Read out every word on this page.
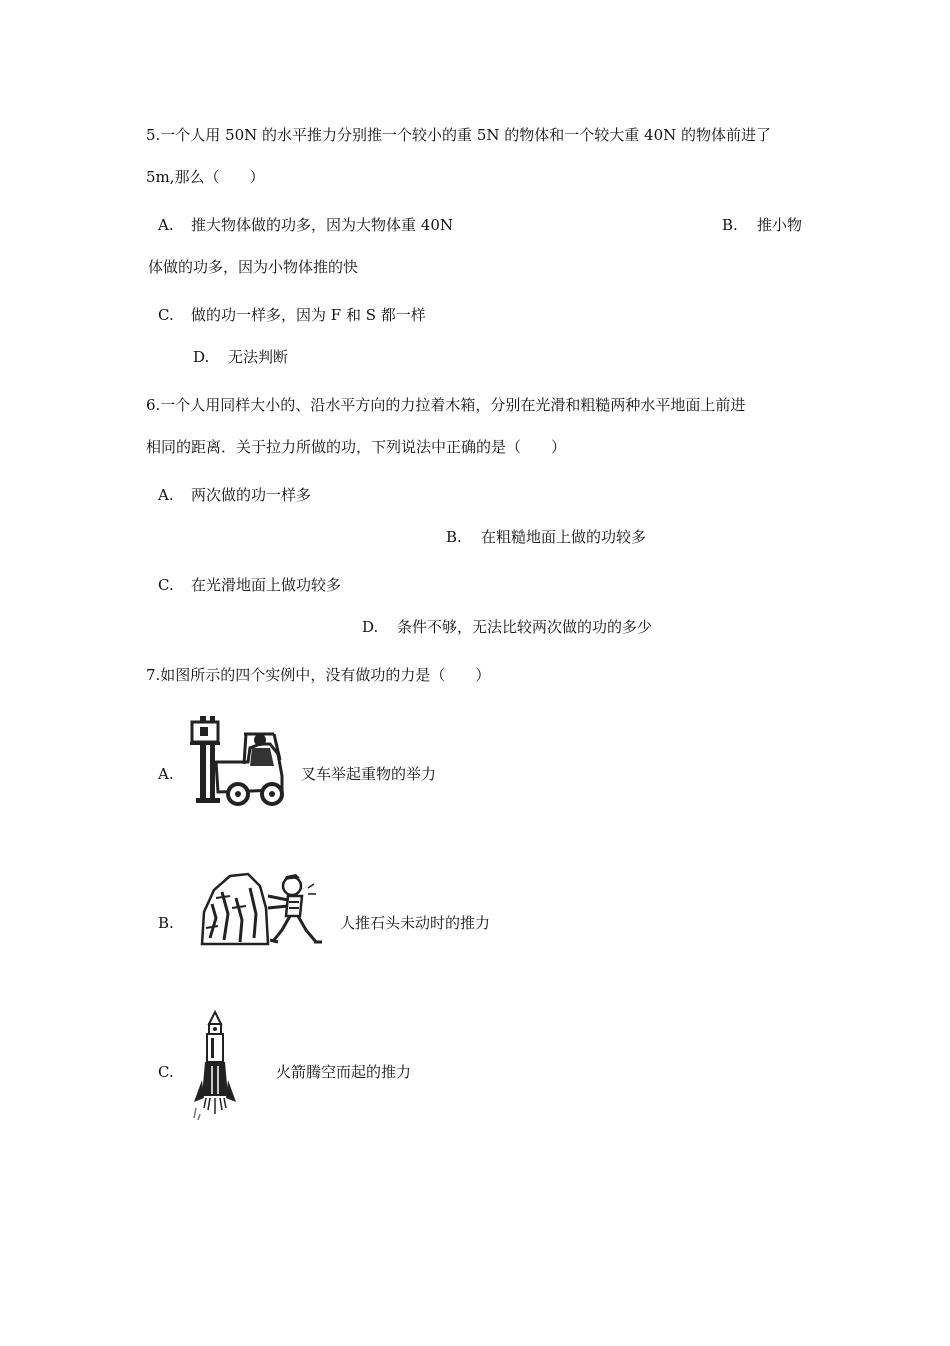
5.一个人用 50N 的水平推力分别推一个较小的重 5N 的物体和一个较大重 40N 的物体前进了
5m,那么（　　）
A. 推大物体做的功多，因为大物体重 40N	B. 推小物
体做的功多，因为小物体推的快
C. 做的功一样多，因为 F 和 S 都一样
D. 无法判断
6.一个人用同样大小的、沿水平方向的力拉着木箱，分别在光滑和粗糙两种水平地面上前进
相同的距离．关于拉力所做的功，下列说法中正确的是（　　）
A. 两次做的功一样多
B. 在粗糙地面上做的功较多
C. 在光滑地面上做功较多
D. 条件不够，无法比较两次做的功的多少
7.如图所示的四个实例中，没有做功的力是（　　）
A.	叉车举起重物的举力
B.	人推石头未动时的推力
C.	火箭腾空而起的推力
